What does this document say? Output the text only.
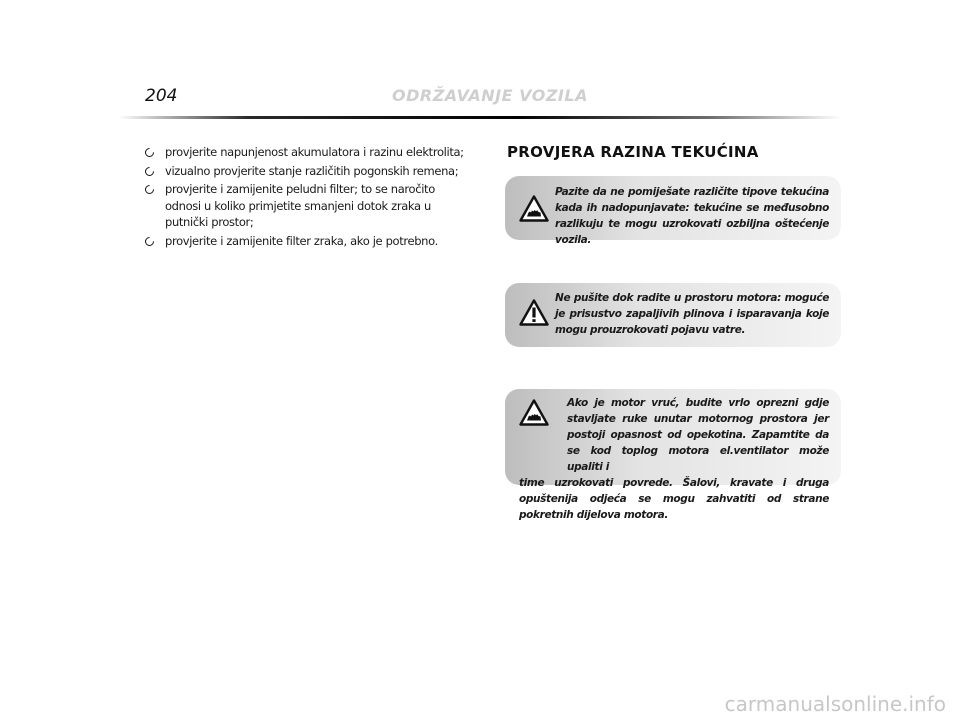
204	ODRŽAVANJE VOZILA
provjerite napunjenost akumulatora i razinu elektrolita;
vizualno provjerite stanje različitih pogonskih remena;
provjerite i zamijenite peludni filter; to se naročito odnosi u koliko primjetite smanjeni dotok zraka u putnički prostor;
provjerite i zamijenite filter zraka, ako je potrebno.
PROVJERA RAZINA TEKUĆINA
Pazite da ne pomiješate različite tipove tekućina kada ih nadopunjavate: tekućine se međusobno razlikuju te mogu uzrokovati ozbiljna oštećenje vozila.
Ne pušite dok radite u prostoru motora: moguće je prisustvo zapaljivih plinova i isparavanja koje mogu prouzrokovati pojavu vatre.
Ako je motor vruć, budite vrlo oprezni gdje stavljate ruke unutar motornog prostora jer postoji opasnost od opekotina. Zapamtite da se kod toplog motora el.ventilator može upaliti i
time uzrokovati povrede. Šalovi, kravate i druga opuštenija odjeća se mogu zahvatiti od strane pokretnih dijelova motora.
carmanualsonline.info
